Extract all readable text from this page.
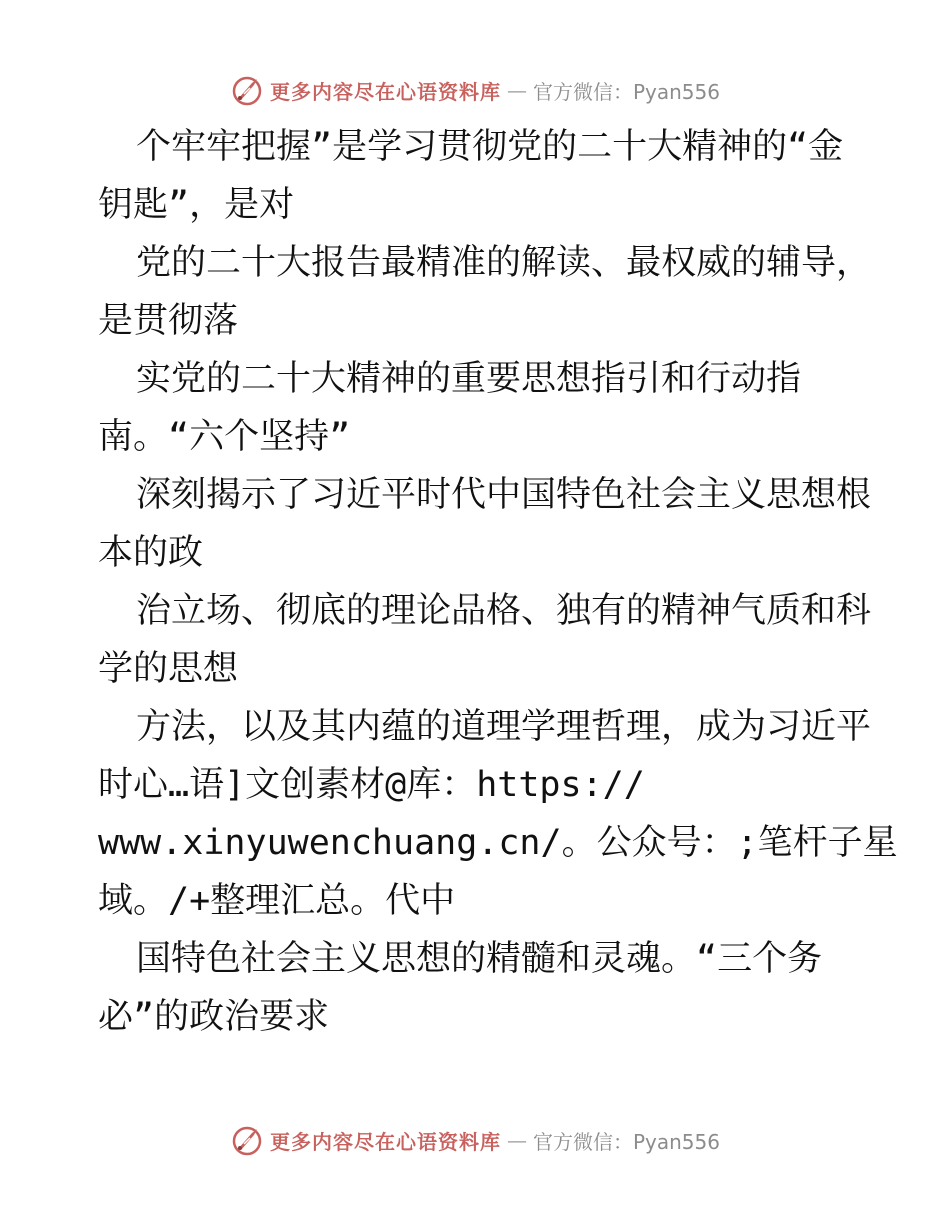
更多内容尽在心语资料库 — 官方微信：Pyan556
个牢牢把握”是学习贯彻党的二十大精神的“金
钥匙”，是对
党的二十大报告最精准的解读、最权威的辅导，
是贯彻落
实党的二十大精神的重要思想指引和行动指
南。“六个坚持”
深刻揭示了习近平时代中国特色社会主义思想根
本的政
治立场、彻底的理论品格、独有的精神气质和科
学的思想
方法，以及其内蕴的道理学理哲理，成为习近平
时心…语]文创素材@库：https://
www.xinyuwenchuang.cn/。公众号：;笔杆子星
域。/+整理汇总。代中
国特色社会主义思想的精髓和灵魂。“三个务
必”的政治要求
更多内容尽在心语资料库 — 官方微信：Pyan556
